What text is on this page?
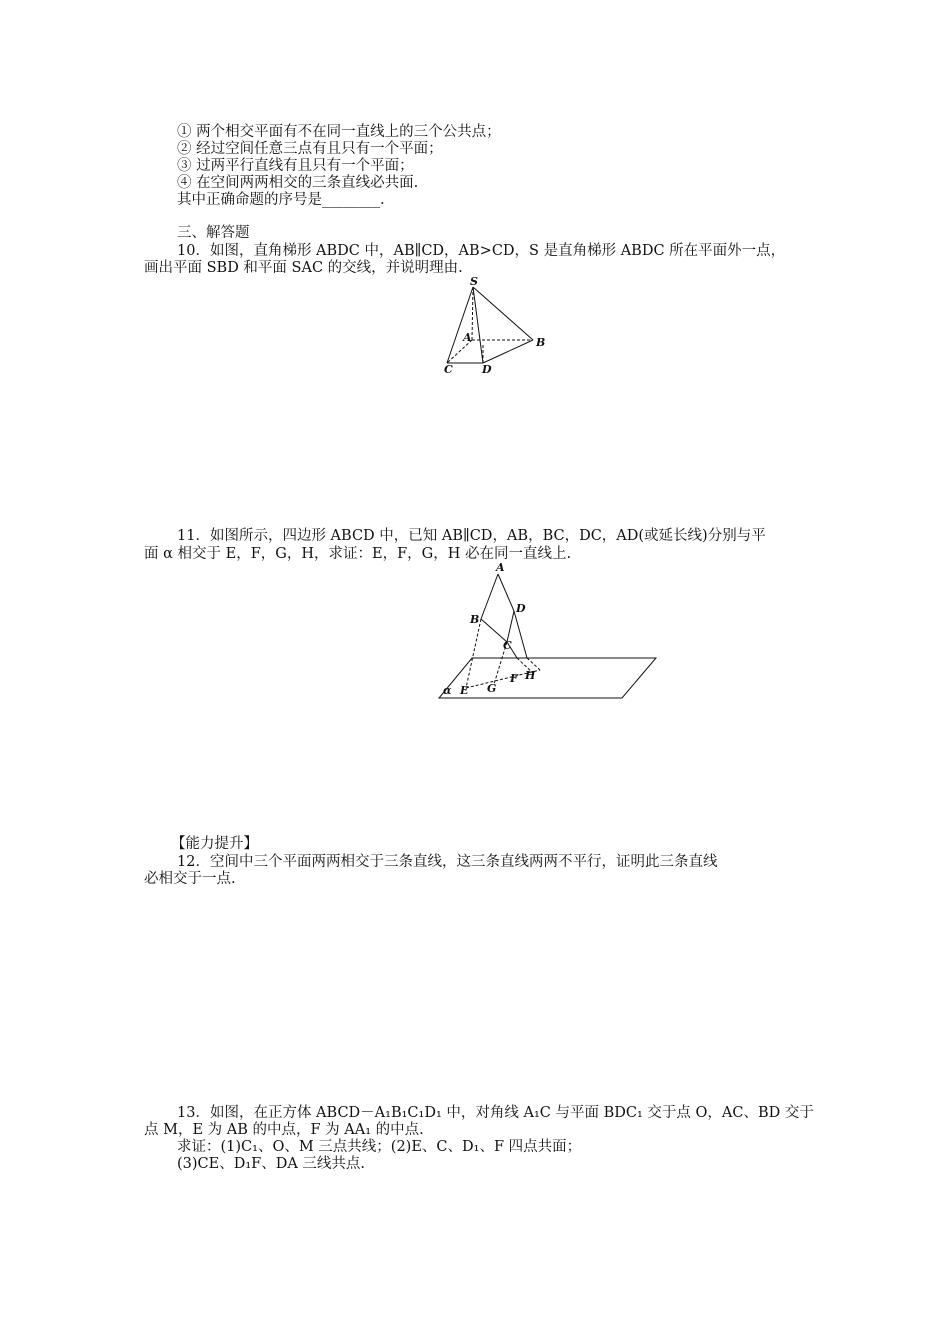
① 两个相交平面有不在同一直线上的三个公共点；
② 经过空间任意三点有且只有一个平面；
③ 过两平行直线有且只有一个平面；
④ 在空间两两相交的三条直线必共面.
其中正确命题的序号是________.
三、解答题
10．如图，直角梯形 ABDC 中，AB∥CD，AB>CD，S 是直角梯形 ABDC 所在平面外一点，
画出平面 SBD 和平面 SAC 的交线，并说明理由.
S
A	B
C	D
11．如图所示，四边形 ABCD 中，已知 AB∥CD，AB，BC，DC，AD(或延长线)分别与平
面 α 相交于 E，F，G，H，求证：E，F，G，H 必在同一直线上.
A
B
C
D
E
F
G
H
α
【能力提升】
12．空间中三个平面两两相交于三条直线，这三条直线两两不平行，证明此三条直线
必相交于一点.
13．如图，在正方体 ABCD－A₁B₁C₁D₁ 中，对角线 A₁C 与平面 BDC₁ 交于点 O，AC、BD 交于
点 M，E 为 AB 的中点，F 为 AA₁ 的中点.
求证：(1)C₁、O、M 三点共线；(2)E、C、D₁、F 四点共面；
(3)CE、D₁F、DA 三线共点.
